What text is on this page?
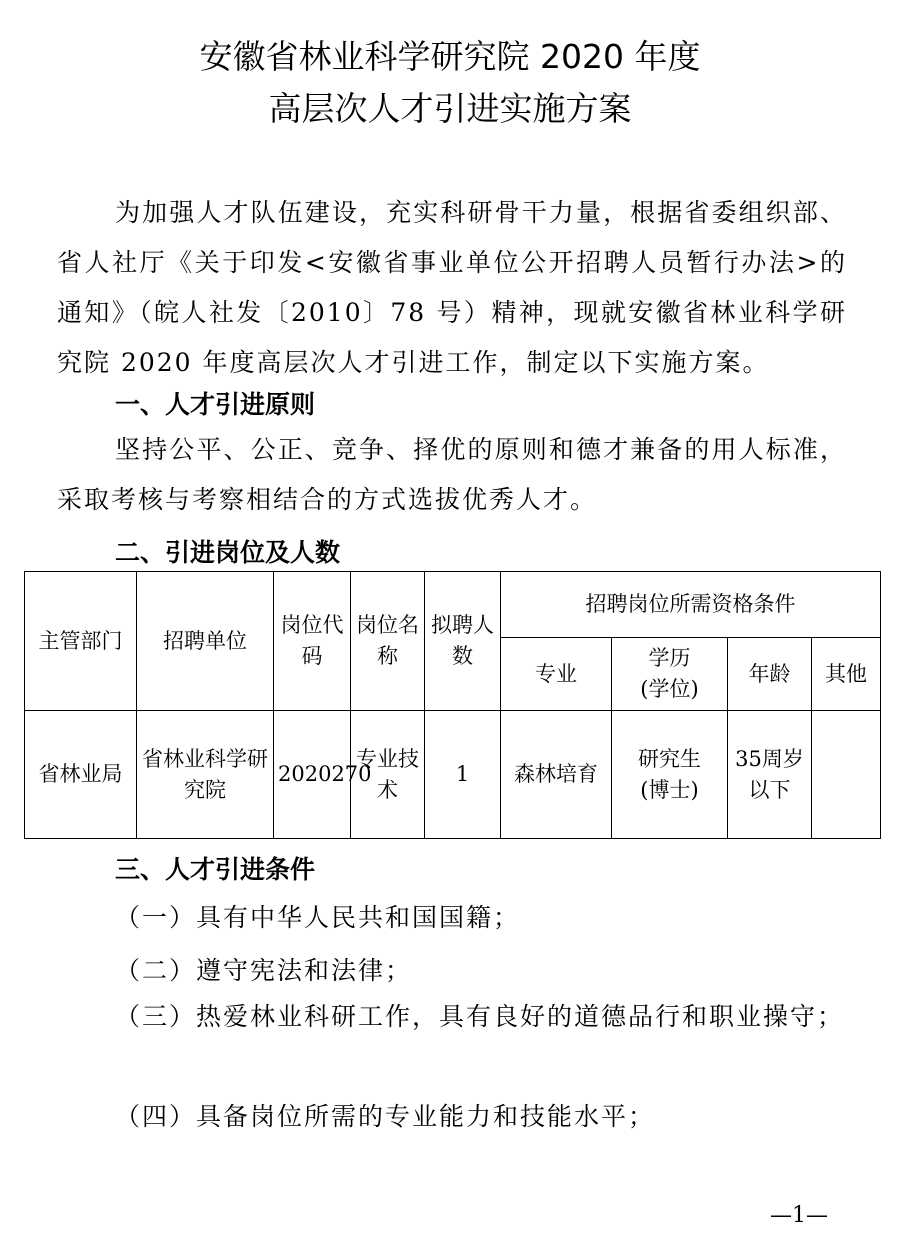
安徽省林业科学研究院 2020 年度
高层次人才引进实施方案
为加强人才队伍建设，充实科研骨干力量，根据省委组织部、省人社厅《关于印发<安徽省事业单位公开招聘人员暂行办法>的通知》（皖人社发〔2010〕78 号）精神，现就安徽省林业科学研究院 2020 年度高层次人才引进工作，制定以下实施方案。
一、人才引进原则
坚持公平、公正、竞争、择优的原则和德才兼备的用人标准，采取考核与考察相结合的方式选拔优秀人才。
二、引进岗位及人数
主管部门	招聘单位	岗位代码	岗位名称	拟聘人数	招聘岗位所需资格条件			
					专业	学历
(学位)	年龄	其他
省林业局	省林业科学研究院	2020270	专业技术	1	森林培育	研究生
(博士)	35周岁以下	
三、人才引进条件
（一）具有中华人民共和国国籍；
（二）遵守宪法和法律；
（三）热爱林业科研工作，具有良好的道德品行和职业操守；
（四）具备岗位所需的专业能力和技能水平；
—1—
